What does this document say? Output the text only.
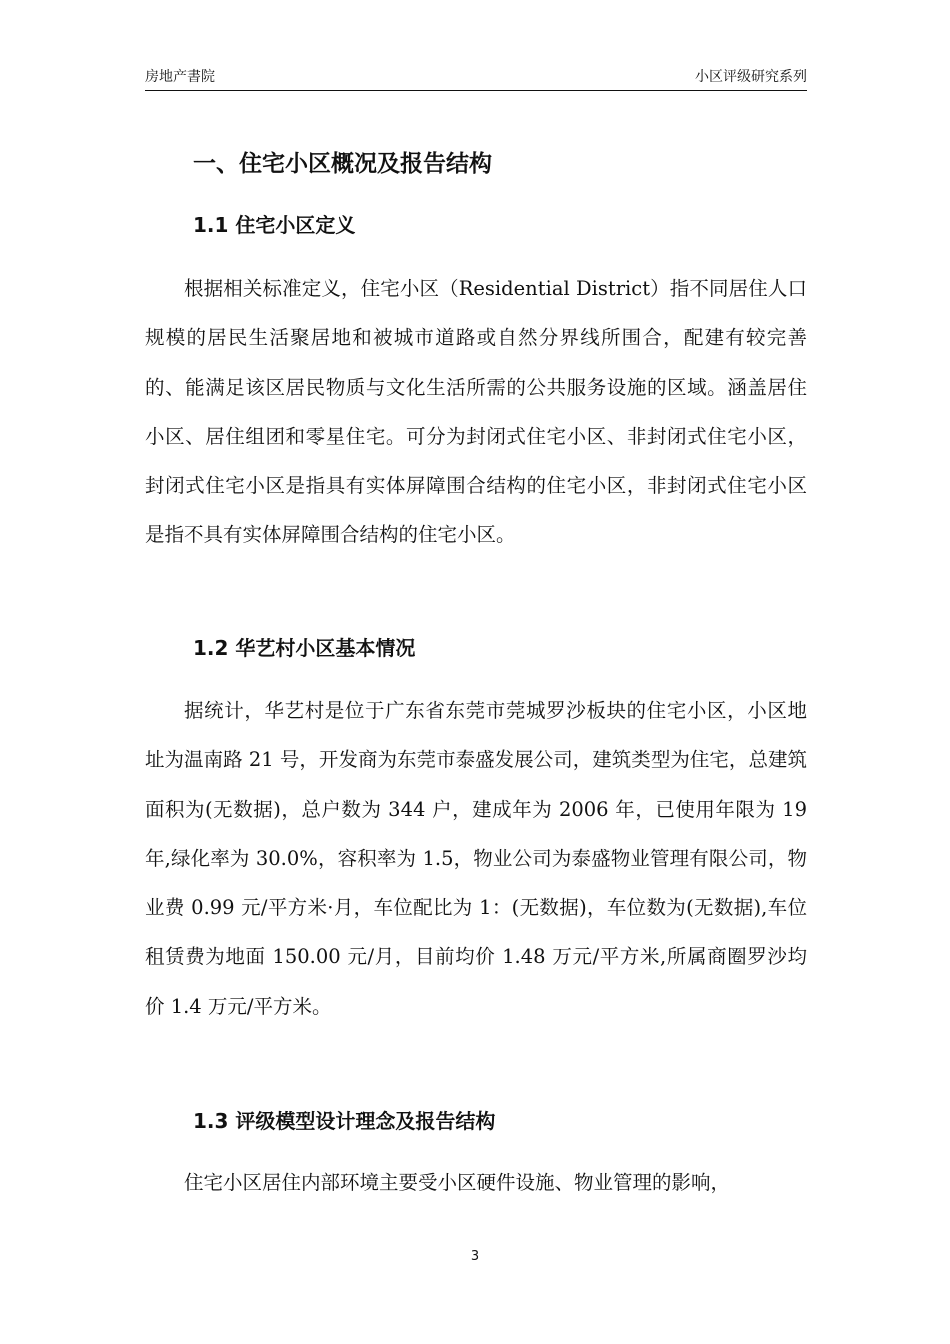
房地产書院	小区评级研究系列
一、住宅小区概况及报告结构
1.1 住宅小区定义

根据相关标准定义，住宅小区（Residential District）指不同居住人口规模的居民生活聚居地和被城市道路或自然分界线所围合，配建有较完善的、能满足该区居民物质与文化生活所需的公共服务设施的区域。涵盖居住小区、居住组团和零星住宅。可分为封闭式住宅小区、非封闭式住宅小区，封闭式住宅小区是指具有实体屏障围合结构的住宅小区，非封闭式住宅小区是指不具有实体屏障围合结构的住宅小区。

1.2 华艺村小区基本情况

据统计，华艺村是位于广东省东莞市莞城罗沙板块的住宅小区，小区地址为温南路 21 号，开发商为东莞市泰盛发展公司，建筑类型为住宅，总建筑面积为(无数据)，总户数为 344 户，建成年为 2006 年，已使用年限为 19 年,绿化率为 30.0%，容积率为 1.5，物业公司为泰盛物业管理有限公司，物业费 0.99 元/平方米·月，车位配比为 1：(无数据)，车位数为(无数据),车位租赁费为地面 150.00 元/月，目前均价 1.48 万元/平方米,所属商圈罗沙均价 1.4 万元/平方米。

1.3 评级模型设计理念及报告结构

住宅小区居住内部环境主要受小区硬件设施、物业管理的影响，

3
